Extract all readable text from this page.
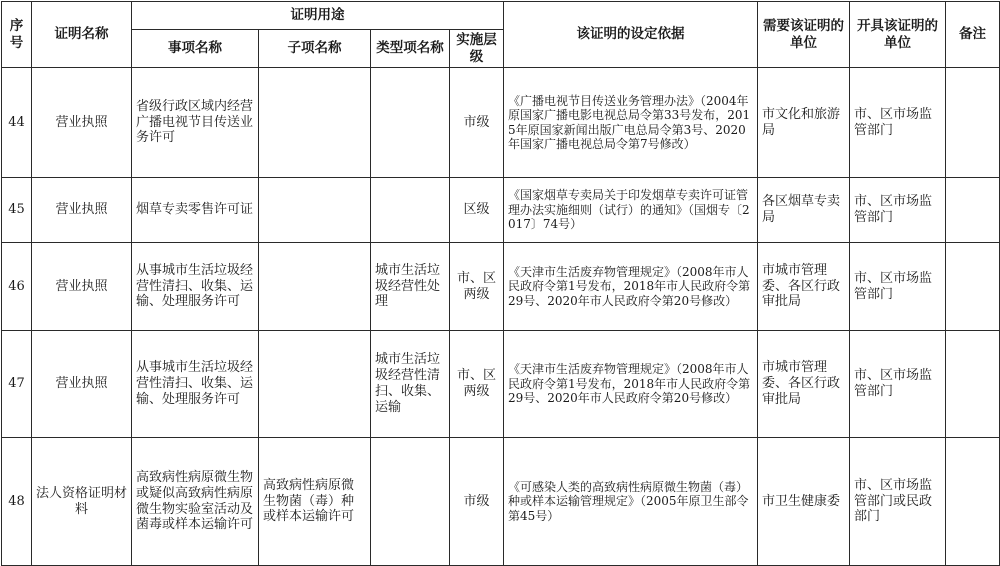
序号	证明名称	证明用途				该证明的设定依据	需要该证明的单位	开具该证明的单位	备注
		事项名称	子项名称	类型项名称	实施层级				
44	营业执照	省级行政区域内经营广播电视节目传送业务许可			市级	《广播电视节目传送业务管理办法》（2004年原国家广播电影电视总局令第33号发布，2015年原国家新闻出版广电总局令第3号、2020年国家广播电视总局令第7号修改）	市文化和旅游局	市、区市场监管部门	
45	营业执照	烟草专卖零售许可证			区级	《国家烟草专卖局关于印发烟草专卖许可证管理办法实施细则（试行）的通知》（国烟专〔2017〕74号）	各区烟草专卖局	市、区市场监管部门	
46	营业执照	从事城市生活垃圾经营性清扫、收集、运输、处理服务许可		城市生活垃圾经营性处理	市、区两级	《天津市生活废弃物管理规定》（2008年市人民政府令第1号发布，2018年市人民政府令第29号、2020年市人民政府令第20号修改）	市城市管理委、各区行政审批局	市、区市场监管部门	
47	营业执照	从事城市生活垃圾经营性清扫、收集、运输、处理服务许可		城市生活垃圾经营性清扫、收集、运输	市、区两级	《天津市生活废弃物管理规定》（2008年市人民政府令第1号发布，2018年市人民政府令第29号、2020年市人民政府令第20号修改）	市城市管理委、各区行政审批局	市、区市场监管部门	
48	法人资格证明材料	高致病性病原微生物或疑似高致病性病原微生物实验室活动及菌毒或样本运输许可	高致病性病原微生物菌（毒）种或样本运输许可		市级	《可感染人类的高致病性病原微生物菌（毒）种或样本运输管理规定》（2005年原卫生部令第45号）	市卫生健康委	市、区市场监管部门或民政部门	
